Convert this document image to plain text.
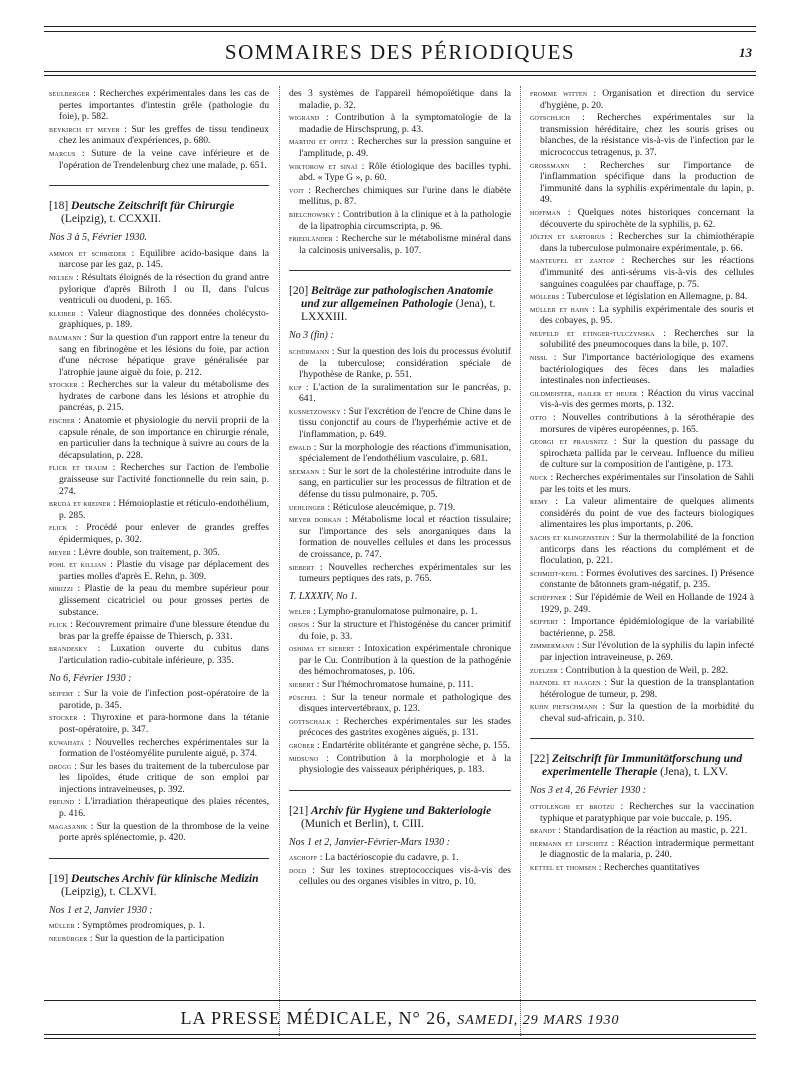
SOMMAIRES DES PÉRIODIQUES	13

seulberger : Recherches expérimentales dans les cas de pertes importantes d'intestin grêle (pathologie du foie), p. 582.

beykirch et meyer : Sur les greffes de tissu tendineux chez les animaux d'expériences, p. 680.

marcus : Suture de la veine cave inférieure et de l'opération de Trendelenburg chez une malade, p. 651.

[18] Deutsche Zeitschrift für Chirurgie (Leipzig), t. CCXXII.

Nos 3 à 5, Février 1930.

ammon et schrœder : Equilibre acido-basique dans la narcose par les gaz, p. 145.

nelsen : Résultats éloignés de la résection du grand antre pylorique d'après Bilroth I ou II, dans l'ulcus ventriculi ou duodeni, p. 165.

kleiber : Valeur diagnostique des données cholécysto-graphiques, p. 189.

baumann : Sur la question d'un rapport entre la teneur du sang en fibrinogène et les lésions du foie, par action d'une nécrose hépatique grave généralisée par l'atrophie jaune aiguë du foie, p. 212.

stocker : Recherches sur la valeur du métabolisme des hydrates de carbone dans les lésions et atrophie du pancréas, p. 215.

fischer : Anatomie et physiologie du nervii proprii de la capsule rénale, de son importance en chirurgie rénale, en particulier dans la technique à suivre au cours de la décapsulation, p. 228.

flick et traum : Recherches sur l'action de l'embolie graisseuse sur l'activité fonctionnelle du rein sain, p. 274.

bruda et kreiner : Hémoioplastie et réticulo-endothélium, p. 285.

flick : Procédé pour enlever de grandes greffes épidermiques, p. 302.

meyer : Lèvre double, son traitement, p. 305.

pohl et killian : Plastie du visage par déplacement des parties molles d'après E. Rehn, p. 309.

mirizzi : Plastie de la peau du membre supérieur pour glissement cicatriciel ou pour grosses pertes de substance.

flick : Recouvrement primaire d'une blessure étendue du bras par la greffe épaisse de Thiersch, p. 331.

brandesky : Luxation ouverte du cubitus dans l'articulation radio-cubitale inférieure, p. 335.

No 6, Février 1930 :

seifert : Sur la voie de l'infection post-opératoire de la parotide, p. 345.

stocker : Thyroxine et para-hormone dans la tétanie post-opératoire, p. 347.

kuwahata : Nouvelles recherches expérimentales sur la formation de l'ostéomyélite purulente aiguë, p. 374.

drügg : Sur les bases du traitement de la tuberculose par les lipoïdes, étude critique de son emploi par injections intraveineuses, p. 392.

freund : L'irradiation thérapeutique des plaies récentes, p. 416.

magasanik : Sur la question de la thrombose de la veine porte après splénectomie, p. 420.

[19] Deutsches Archiv für klinische Medizin (Leipzig), t. CLXVI.

Nos 1 et 2, Janvier 1930 :

müller : Symptômes prodromiques, p. 1.

neubürger : Sur la question de la participation

des 3 systèmes de l'appareil hémopoïétique dans la maladie, p. 32.

wigrand : Contribution à la symptomatologie de la madadie de Hirschsprung, p. 43.

martini et opitz : Recherches sur la pression sanguine et l'amplitude, p. 49.

wiktorow et sinaï : Rôle étiologique des bacilles typhi. abd. « Type G », p. 60.

voit : Recherches chimiques sur l'urine dans le diabète mellitus, p. 87.

bielchowsky : Contribution à la clinique et à la pathologie de la lipatrophia circumscripta, p. 96.

friedländer : Recherche sur le métabolisme minéral dans la calcinosis universalis, p. 107.

[20] Beiträge zur pathologischen Anatomie und zur allgemeinen Pathologie (Jena), t. LXXXIII.

No 3 (fin) :

schürmann : Sur la question des lois du processus évolutif de la tuberculose; considération spéciale de l'hypothèse de Ranke, p. 551.

kup : L'action de la suralimentation sur le pancréas, p. 641.

kusnetzowsky : Sur l'excrétion de l'encre de Chine dans le tissu conjonctif au cours de l'hyperhémie active et de l'inflammation, p. 649.

ewald : Sur la morphologie des réactions d'immunisation, spécialement de l'endothélium vasculaire, p. 681.

seemann : Sur le sort de la cholestérine introduite dans le sang, en particulier sur les processus de filtration et de défense du tissu pulmonaire, p. 705.

uehlinger : Réticulose aleucémique, p. 719.

meyer dorkan : Métabolisme local et réaction tissulaire; sur l'importance des sels anorganiques dans la formation de nouvelles cellules et dans les processus de croissance, p. 747.

siebert : Nouvelles recherches expérimentales sur les tumeurs peptiques des rats, p. 765.

T. LXXXIV, No 1.

weler : Lympho-granulomatose pulmonaire, p. 1.

orsos : Sur la structure et l'histogénèse du cancer primitif du foie, p. 33.

oshima et siebert : Intoxication expérimentale chronique par le Cu. Contribution à la question de la pathogénie des hémochromatoses, p. 106.

siebert : Sur l'hémochromatose humaine, p. 111.

püschel : Sur la teneur normale et pathologique des disques intervertébraux, p. 123.

gottschalk : Recherches expérimentales sur les stades précoces des gastrites exogènes aiguës, p. 131.

grüber : Endartérite oblitérante et gangrène sèche, p. 155.

midsuno : Contribution à la morphologie et à la physiologie des vaisseaux périphériques, p. 183.

[21] Archiv für Hygiene und Bakteriologie (Munich et Berlin), t. CIII.

Nos 1 et 2, Janvier-Février-Mars 1930 :

aschoff : La bactérioscopie du cadavre, p. 1.

dold : Sur les toxines streptococciques vis-à-vis des cellules ou des organes visibles in vitro, p. 10.

fromme witten : Organisation et direction du service d'hygiène, p. 20.

gotschlich : Recherches expérimentales sur la transmission héréditaire, chez les souris grises ou blanches, de la résistance vis-à-vis de l'infection par le micrococcus tetragenus, p. 37.

grossmann : Recherches sur l'importance de l'inflammation spécifique dans la production de l'immunité dans la syphilis expérimentale du lapin, p. 49.

hoffman : Quelques notes historiques concernant la découverte du spirochète de la syphilis, p. 62.

jölten et sartorius : Recherches sur la chimiothérapie dans la tuberculose pulmonaire expérimentale, p. 66.

manteufel et zantop : Recherches sur les réactions d'immunité des anti-sérums vis-à-vis des cellules sanguines coagulées par chauffage, p. 75.

möllers : Tuberculose et législation en Allemagne, p. 84.

müller et hahn : La syphilis expérimentale des souris et des cobayes, p. 95.

neufeld et etinger-tulczynska : Recherches sur la solubilité des pneumocoques dans la bile, p. 107.

nissl : Sur l'importance bactériologique des examens bactériologiques des fèces dans les maladies intestinales non infectieuses.

gildmeister, hailer et heuer : Réaction du virus vaccinal vis-à-vis des germes morts, p. 132.

otto : Nouvelles contributions à la sérothérapie des morsures de vipères européennes, p. 165.

georgi et prausnitz : Sur la question du passage du spirochæta pallida par le cerveau. Influence du milieu de culture sur la composition de l'antigène, p. 173.

nuck : Recherches expérimentales sur l'insolation de Sahli par les toits et les murs.

remy : La valeur alimentaire de quelques aliments considérés du point de vue des facteurs biologiques alimentaires les plus importants, p. 206.

sachs et klingenstein : Sur la thermolabilité de la fonction anticorps dans les réactions du complément et de floculation, p. 221.

schmidt-kehl : Formes évolutives des sarcines. I) Présence constante de bâtonnets gram-négatif, p. 235.

schüffner : Sur l'épidémie de Weil en Hollande de 1924 à 1929, p. 249.

seiffert : Importance épidémiologique de la variabilité bactérienne, p. 258.

zimmermann : Sur l'évolution de la syphilis du lapin infecté par injection intraveineuse, p. 269.

zuelzer : Contribution à la question de Weil, p. 282.

haendel et haagen : Sur la question de la transplantation hétérologue de tumeur, p. 298.

kuhn pietschmann : Sur la question de la morbidité du cheval sud-africain, p. 310.

[22] Zeitschrift für Immunitätforschung und experimentelle Therapie (Jena), t. LXV.

Nos 3 et 4, 26 Février 1930 :

ottolenghi et brotzu : Recherches sur la vaccination typhique et paratyphique par voie buccale, p. 195.

brandt : Standardisation de la réaction au mastic, p. 221.

hermann et lifschitz : Réaction intradermique permettant le diagnostic de la malaria, p. 240.

kettel et thomsen : Recherches quantitatives

LA PRESSE MÉDICALE, N° 26, SAMEDI, 29 MARS 1930
